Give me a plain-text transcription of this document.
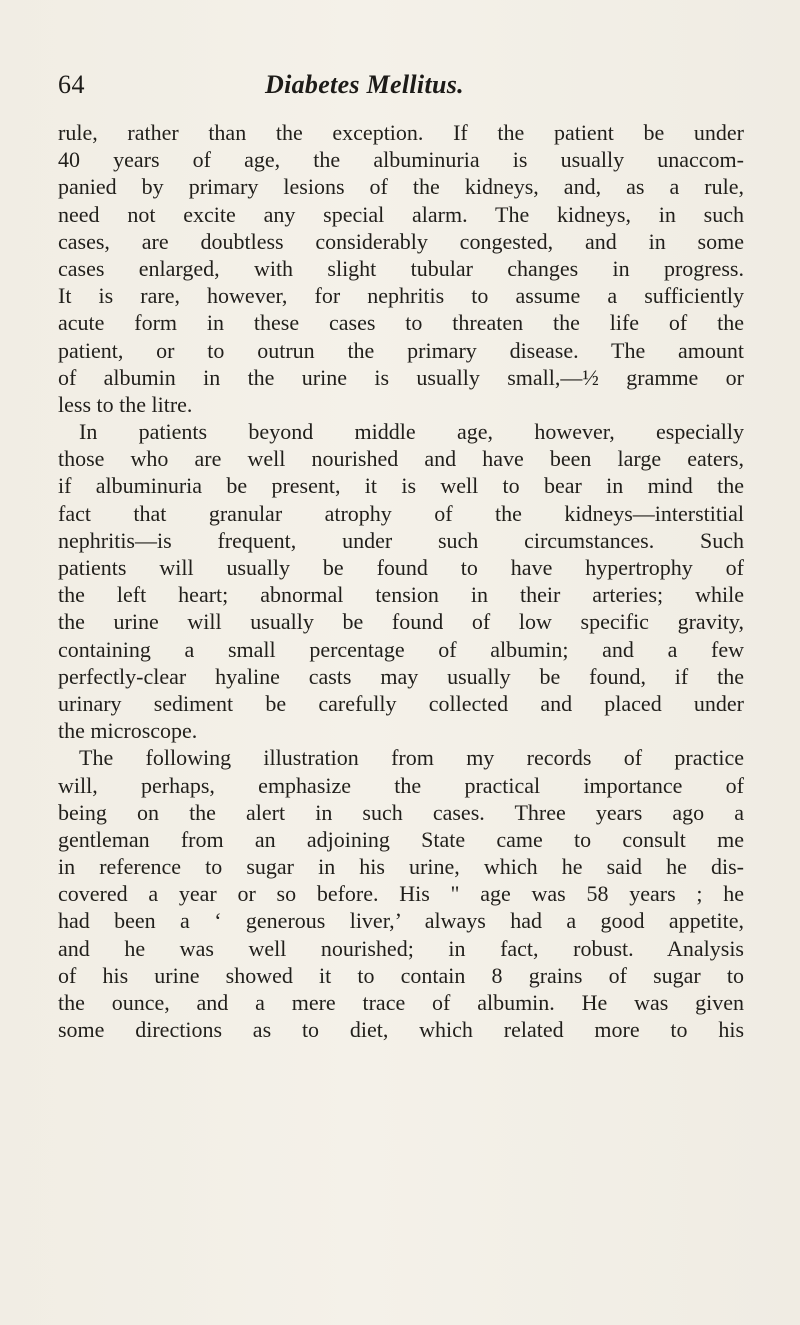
64	Diabetes Mellitus.
rule, rather than the exception. If the patient be under
40 years of age, the albuminuria is usually unaccom-
panied by primary lesions of the kidneys, and, as a rule,
need not excite any special alarm. The kidneys, in such
cases, are doubtless considerably congested, and in some
cases enlarged, with slight tubular changes in progress.
It is rare, however, for nephritis to assume a sufficiently
acute form in these cases to threaten the life of the
patient, or to outrun the primary disease. The amount
of albumin in the urine is usually small,—½ gramme or
less to the litre.
In patients beyond middle age, however, especially
those who are well nourished and have been large eaters,
if albuminuria be present, it is well to bear in mind the
fact that granular atrophy of the kidneys—interstitial
nephritis—is frequent, under such circumstances. Such
patients will usually be found to have hypertrophy of
the left heart; abnormal tension in their arteries; while
the urine will usually be found of low specific gravity,
containing a small percentage of albumin; and a few
perfectly-clear hyaline casts may usually be found, if the
urinary sediment be carefully collected and placed under
the microscope.
The following illustration from my records of practice
will, perhaps, emphasize the practical importance of
being on the alert in such cases. Three years ago a
gentleman from an adjoining State came to consult me
in reference to sugar in his urine, which he said he dis-
covered a year or so before. His " age was 58 years ; he
had been a ‘ generous liver,’ always had a good appetite,
and he was well nourished; in fact, robust. Analysis
of his urine showed it to contain 8 grains of sugar to
the ounce, and a mere trace of albumin. He was given
some directions as to diet, which related more to his
